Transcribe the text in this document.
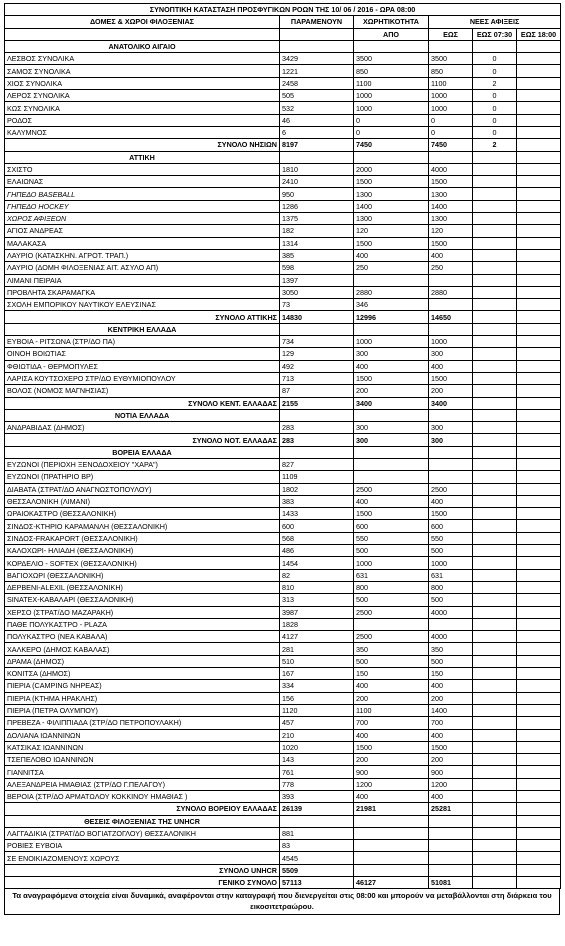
ΣΥΝΟΠΤΙΚΗ ΚΑΤΑΣΤΑΣΗ ΠΡΟΣΦΥΓΙΚΩΝ ΡΟΩΝ ΤΗΣ 10/ 06 / 2016 - ΩΡΑ 08:00					
ΔΟΜΕΣ & ΧΩΡΟΙ ΦΙΛΟΞΕΝΙΑΣ	ΠΑΡΑΜΕΝΟΥΝ	ΧΩΡΗΤΙΚΟΤΗΤΑ	ΝΕΕΣ ΑΦΙΞΕΙΣ		
		ΑΠΟ	ΕΩΣ	ΕΩΣ 07:30	ΕΩΣ 18:00
ΑΝΑΤΟΛΙΚΟ ΑΙΓΑΙΟ					
ΛΕΣΒΟΣ ΣΥΝΟΛΙΚΑ	3429	3500	3500	0	
ΣΑΜΟΣ ΣΥΝΟΛΙΚΑ	1221	850	850	0	
ΧΙΟΣ ΣΥΝΟΛΙΚΑ	2458	1100	1100	2	
ΛΕΡΟΣ ΣΥΝΟΛΙΚΑ	505	1000	1000	0	
ΚΩΣ ΣΥΝΟΛΙΚΑ	532	1000	1000	0	
ΡΟΔΟΣ	46	0	0	0	
ΚΑΛΥΜΝΟΣ	6	0	0	0	
ΣΥΝΟΛΟ ΝΗΣΙΩΝ	8197	7450	7450	2	
ΑΤΤΙΚΗ					
ΣΧΙΣΤΟ	1810	2000	4000		
ΕΛΑΙΩΝΑΣ	2410	1500	1500		
ΓΗΠΕΔΟ BASEBALL	950	1300	1300		
ΓΗΠΕΔΟ HOCKEY	1286	1400	1400		
ΧΩΡΟΣ ΑΦΙΞΕΩΝ	1375	1300	1300		
ΑΓΙΟΣ ΑΝΔΡΕΑΣ	182	120	120		
ΜΑΛΑΚΑΣΑ	1314	1500	1500		
ΛΑΥΡΙΟ (ΚΑΤΑΣΚΗΝ. ΑΓΡΟΤ. ΤΡΑΠ.)	385	400	400		
ΛΑΥΡΙΟ (ΔΟΜΗ ΦΙΛΟΞΕΝΙΑΣ ΑΙΤ. ΑΣΥΛΟ ΑΠ)	598	250	250		
ΛΙΜΑΝΙ ΠΕΙΡΑΙΑ	1397				
ΠΡΟΒΛΗΤΑ ΣΚΑΡΑΜΑΓΚΑ	3050	2880	2880		
ΣΧΟΛΗ ΕΜΠΟΡΙΚΟΥ ΝΑΥΤΙΚΟΥ ΕΛΕΥΣΙΝΑΣ	73	346			
ΣΥΝΟΛΟ ΑΤΤΙΚΗΣ	14830	12996	14650		
ΚΕΝΤΡΙΚΗ ΕΛΛΑΔΑ					
ΕΥΒΟΙΑ - ΡΙΤΣΩΝΑ (ΣΤΡ/ΔΟ ΠΑ)	734	1000	1000		
ΟΙΝΟΗ ΒΟΙΩΤΙΑΣ	129	300	300		
ΦΘΙΩΤΙΔΑ - ΘΕΡΜΟΠΥΛΕΣ	492	400	400		
ΛΑΡΙΣΑ ΚΟΥΤΣΟΧΕΡΟ ΣΤΡ/ΔΟ ΕΥΘΥΜΙΟΠΟΥΛΟΥ	713	1500	1500		
ΒΟΛΟΣ (ΝΟΜΟΣ ΜΑΓΝΗΣΙΑΣ)	87	200	200		
ΣΥΝΟΛΟ ΚΕΝΤ. ΕΛΛΑΔΑΣ	2155	3400	3400		
ΝΟΤΙΑ ΕΛΛΑΔΑ					
ΑΝΔΡΑΒΙΔΑΣ (ΔΗΜΟΣ)	283	300	300		
ΣΥΝΟΛΟ ΝΟΤ. ΕΛΛΑΔΑΣ	283	300	300		
ΒΟΡΕΙΑ ΕΛΛΑΔΑ					
ΕΥΖΩΝΟΙ (ΠΕΡΙΟΧΗ ΞΕΝΟΔΟΧΕΙΟΥ "ΧΑΡΑ")	827				
ΕΥΖΩΝΟΙ (ΠΡΑΤΗΡΙΟ BP)	1109				
ΔΙΑΒΑΤΑ (ΣΤΡΑΤ/ΔΟ ΑΝΑΓΝΩΣΤΟΠΟΥΛΟΥ)	1802	2500	2500		
ΘΕΣΣΑΛΟΝΙΚΗ (ΛΙΜΑΝΙ)	383	400	400		
ΩΡΑΙΟΚΑΣΤΡΟ (ΘΕΣΣΑΛΟΝΙΚΗ)	1433	1500	1500		
ΣΙΝΔΟΣ-ΚΤΗΡΙΟ ΚΑΡΑΜΑΝΛΗ (ΘΕΣΣΑΛΟΝΙΚΗ)	600	600	600		
ΣΙΝΔΟΣ-FRAKAPORT (ΘΕΣΣΑΛΟΝΙΚΗ)	568	550	550		
ΚΑΛΟΧΩΡΙ- ΗΛΙΑΔΗ (ΘΕΣΣΑΛΟΝΙΚΗ)	486	500	500		
ΚΟΡΔΕΛΙΟ - SOFTEX (ΘΕΣΣΑΛΟΝΙΚΗ)	1454	1000	1000		
ΒΑΓΙΟΧΩΡΙ (ΘΕΣΣΑΛΟΝΙΚΗ)	82	631	631		
ΔΕΡΒΕΝΙ-ALEXIL (ΘΕΣΣΑΛΟΝΙΚΗ)	810	800	800		
SINATEX-ΚΑΒΑΛΑΡΙ (ΘΕΣΣΑΛΟΝΙΚΗ)	313	500	500		
ΧΕΡΣΟ (ΣΤΡΑΤ/ΔΟ ΜΑΖΑΡΑΚΗ)	3987	2500	4000		
ΠΑΘΕ ΠΟΛΥΚΑΣΤΡΟ - PLAZA	1828				
ΠΟΛΥΚΑΣΤΡΟ (ΝΕΑ ΚΑΒΑΛΑ)	4127	2500	4000		
ΧΑΛΚΕΡΟ (ΔΗΜΟΣ ΚΑΒΑΛΑΣ)	281	350	350		
ΔΡΑΜΑ (ΔΗΜΟΣ)	510	500	500		
ΚΟΝΙΤΣΑ (ΔΗΜΟΣ)	167	150	150		
ΠΙΕΡΙΑ (CAMPING ΝΗΡΕΑΣ)	334	400	400		
ΠΙΕΡΙΑ (ΚΤΗΜΑ ΗΡΑΚΛΗΣ)	156	200	200		
ΠΙΕΡΙΑ (ΠΕΤΡΑ ΟΛΥΜΠΟΥ)	1120	1100	1400		
ΠΡΕΒΕΖΑ - ΦΙΛΙΠΠΙΑΔΑ (ΣΤΡ/ΔΟ ΠΕΤΡΟΠΟΥΛΑΚΗ)	457	700	700		
ΔΟΛΙΑΝΑ ΙΩΑΝΝΙΝΩΝ	210	400	400		
ΚΑΤΣΙΚΑΣ ΙΩΑΝΝΙΝΩΝ	1020	1500	1500		
ΤΣΕΠΕΛΟΒΟ ΙΩΑΝΝΙΝΩΝ	143	200	200		
ΓΙΑΝΝΙΤΣΑ	761	900	900		
ΑΛΕΞΑΝΔΡΕΙΑ ΗΜΑΘΙΑΣ (ΣΤΡ/ΔΟ Γ.ΠΕΛΑΓΟΥ)	778	1200	1200		
ΒΕΡΟΙΑ (ΣΤΡ/ΔΟ ΑΡΜΑΤΩΛΟΥ ΚΟΚΚΙΝΟΥ ΗΜΑΘΙΑΣ )	393	400	400		
ΣΥΝΟΛΟ ΒΟΡΕΙΟΥ ΕΛΛΑΔΑΣ	26139	21981	25281		
ΘΕΣΕΙΣ ΦΙΛΟΞΕΝΙΑΣ ΤΗΣ UNHCR					
ΛΑΓΓΑΔΙΚΙΑ (ΣΤΡΑΤ/ΔΟ ΒΟΓΙΑΤΖΟΓΛΟΥ) ΘΕΣΣΑΛΟΝΙΚΗ	881				
ΡΟΒΙΕΣ ΕΥΒΟΙΑ	83				
ΣΕ ΕΝΟΙΚΙΑΖΟΜΕΝΟΥΣ ΧΩΡΟΥΣ	4545				
ΣΥΝΟΛΟ UNHCR	5509				
ΓΕΝΙΚΟ ΣΥΝΟΛΟ	57113	46127	51081		
Τα αναγραφόμενα στοιχεία είναι δυναμικά, αναφέρονται στην καταγραφή που διενεργείται στις 08:00 και μπορούν να μεταβάλλονται στη διάρκεια του εικοσιτετραώρου.
